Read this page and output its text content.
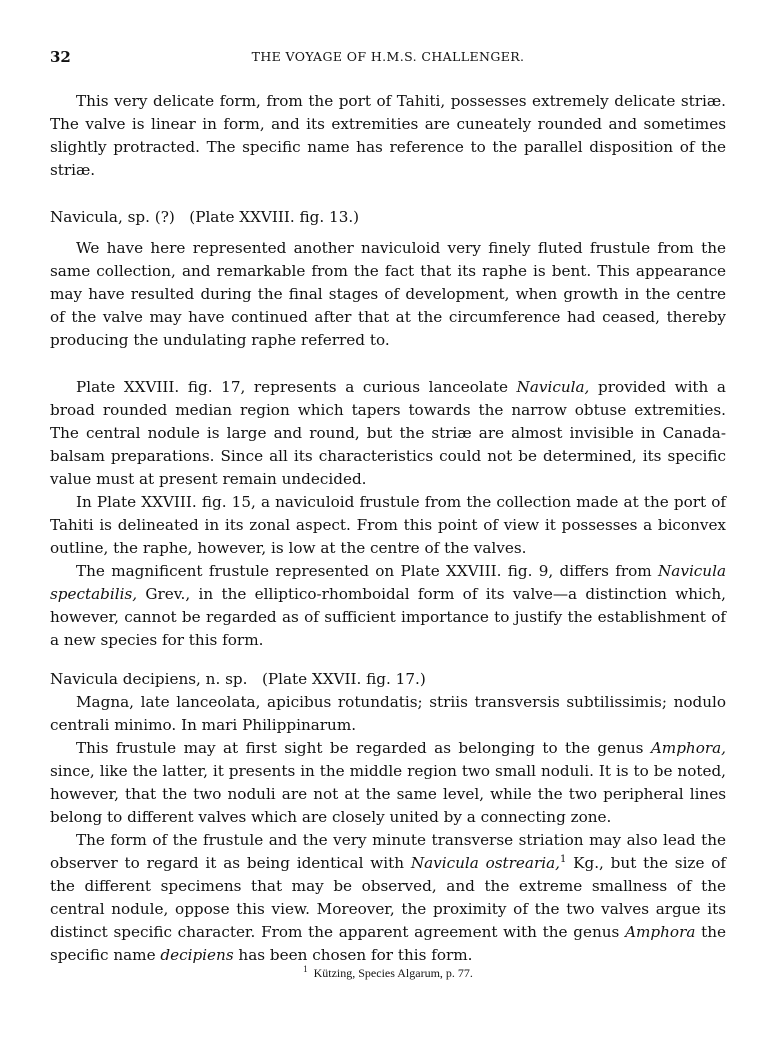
32	THE VOYAGE OF H.M.S. CHALLENGER.

This very delicate form, from the port of Tahiti, possesses extremely delicate striæ. The valve is linear in form, and its extremities are cuneately rounded and sometimes slightly protracted. The specific name has reference to the parallel disposition of the striæ.

Navicula, sp. (?) (Plate XXVIII. fig. 13.)

We have here represented another naviculoid very finely fluted frustule from the same collection, and remarkable from the fact that its raphe is bent. This appearance may have resulted during the final stages of development, when growth in the centre of the valve may have continued after that at the circumference had ceased, thereby producing the undulating raphe referred to.

Plate XXVIII. fig. 17, represents a curious lanceolate Navicula, provided with a broad rounded median region which tapers towards the narrow obtuse extremities. The central nodule is large and round, but the striæ are almost invisible in Canada-balsam preparations. Since all its characteristics could not be determined, its specific value must at present remain undecided.

In Plate XXVIII. fig. 15, a naviculoid frustule from the collection made at the port of Tahiti is delineated in its zonal aspect. From this point of view it possesses a biconvex outline, the raphe, however, is low at the centre of the valves.

The magnificent frustule represented on Plate XXVIII. fig. 9, differs from Navicula spectabilis, Grev., in the elliptico-rhomboidal form of its valve—a distinction which, however, cannot be regarded as of sufficient importance to justify the establishment of a new species for this form.

Navicula decipiens, n. sp. (Plate XXVII. fig. 17.)

Magna, late lanceolata, apicibus rotundatis; striis transversis subtilissimis; nodulo centrali minimo. In mari Philippinarum.

This frustule may at first sight be regarded as belonging to the genus Amphora, since, like the latter, it presents in the middle region two small noduli. It is to be noted, however, that the two noduli are not at the same level, while the two peripheral lines belong to different valves which are closely united by a connecting zone.

The form of the frustule and the very minute transverse striation may also lead the observer to regard it as being identical with Navicula ostrearia,$^1$ Kg., but the size of the different specimens that may be observed, and the extreme smallness of the central nodule, oppose this view. Moreover, the proximity of the two valves argue its distinct specific character. From the apparent agreement with the genus Amphora the specific name decipiens has been chosen for this form.

$^1$ Kützing, Species Algarum, p. 77.
